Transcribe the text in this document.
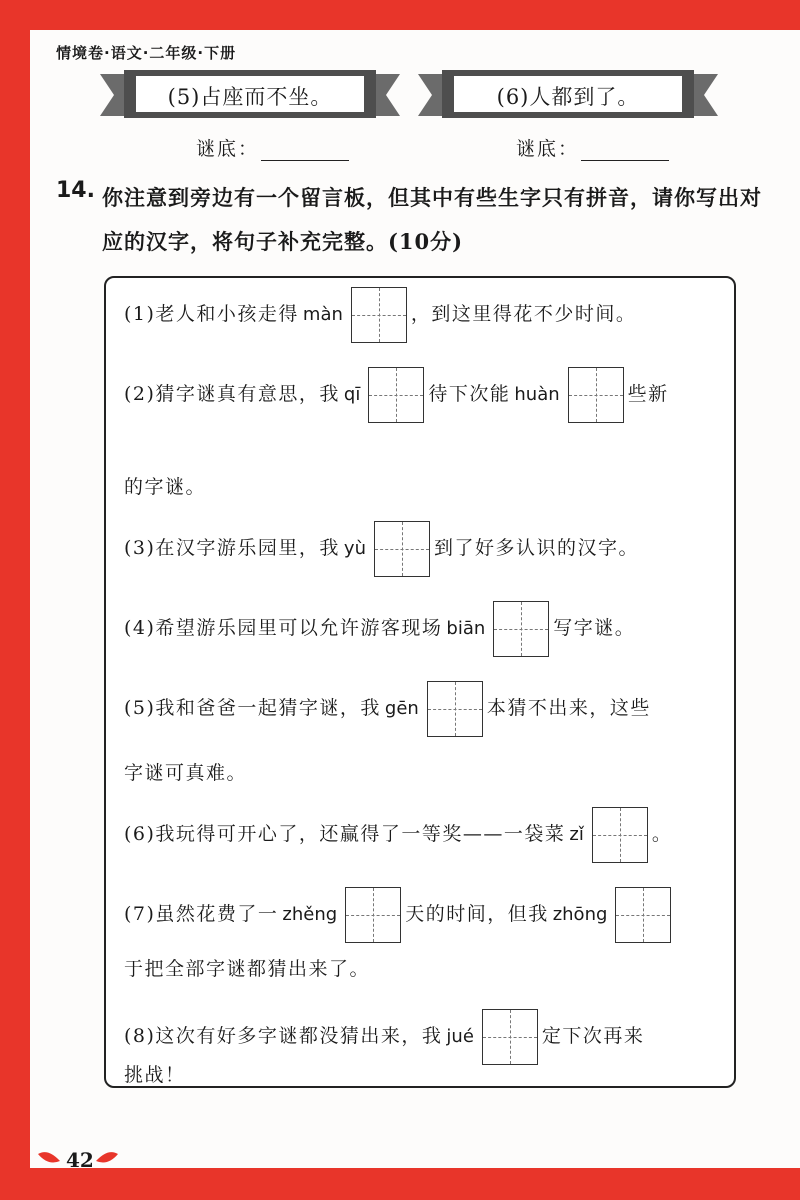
情境卷·语文·二年级·下册
(5)占座而不坐。	(6)人都到了。
谜底：	谜底：
14. 你注意到旁边有一个留言板，但其中有些生字只有拼音，请你写出对应的汉字，将句子补充完整。(10分)
(1)老人和小孩走得 màn	，到这里得花不少时间。
(2)猜字谜真有意思，我 qī	待下次能 huàn	些新
的字谜。
(3)在汉字游乐园里，我 yù	到了好多认识的汉字。
(4)希望游乐园里可以允许游客现场 biān	写字谜。
(5)我和爸爸一起猜字谜，我 gēn	本猜不出来，这些
字谜可真难。
(6)我玩得可开心了，还赢得了一等奖——一袋菜 zǐ	。
(7)虽然花费了一 zhěng	天的时间，但我 zhōng
于把全部字谜都猜出来了。
(8)这次有好多字谜都没猜出来，我 jué	定下次再来
挑战！
42
